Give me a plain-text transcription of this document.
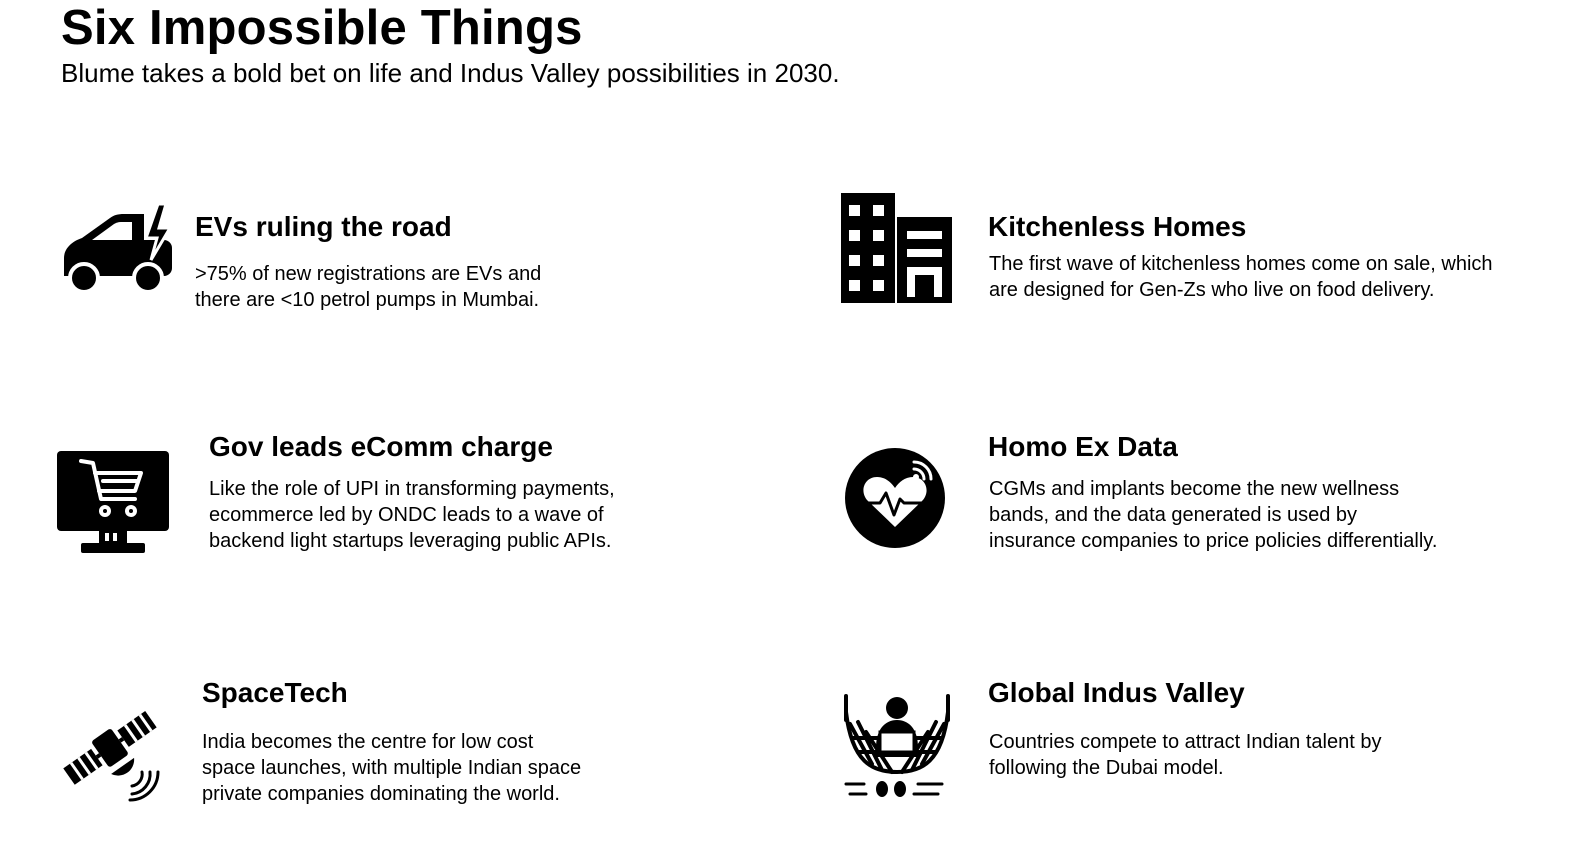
Six Impossible Things

Blume takes a bold bet on life and Indus Valley possibilities in 2030.

EVs ruling the road
>75% of new registrations are EVs and
there are <10 petrol pumps in Mumbai.
Kitchenless Homes
The first wave of kitchenless homes come on sale, which
are designed for Gen-Zs who live on food delivery.
Gov leads eComm charge
Like the role of UPI in transforming payments,
ecommerce led by ONDC leads to a wave of
backend light startups leveraging public APIs.
Homo Ex Data
CGMs and implants become the new wellness
bands, and the data generated is used by
insurance companies to price policies differentially.
SpaceTech
India becomes the centre for low cost
space launches, with multiple Indian space
private companies dominating the world.
Global Indus Valley
Countries compete to attract Indian talent by
following the Dubai model.
